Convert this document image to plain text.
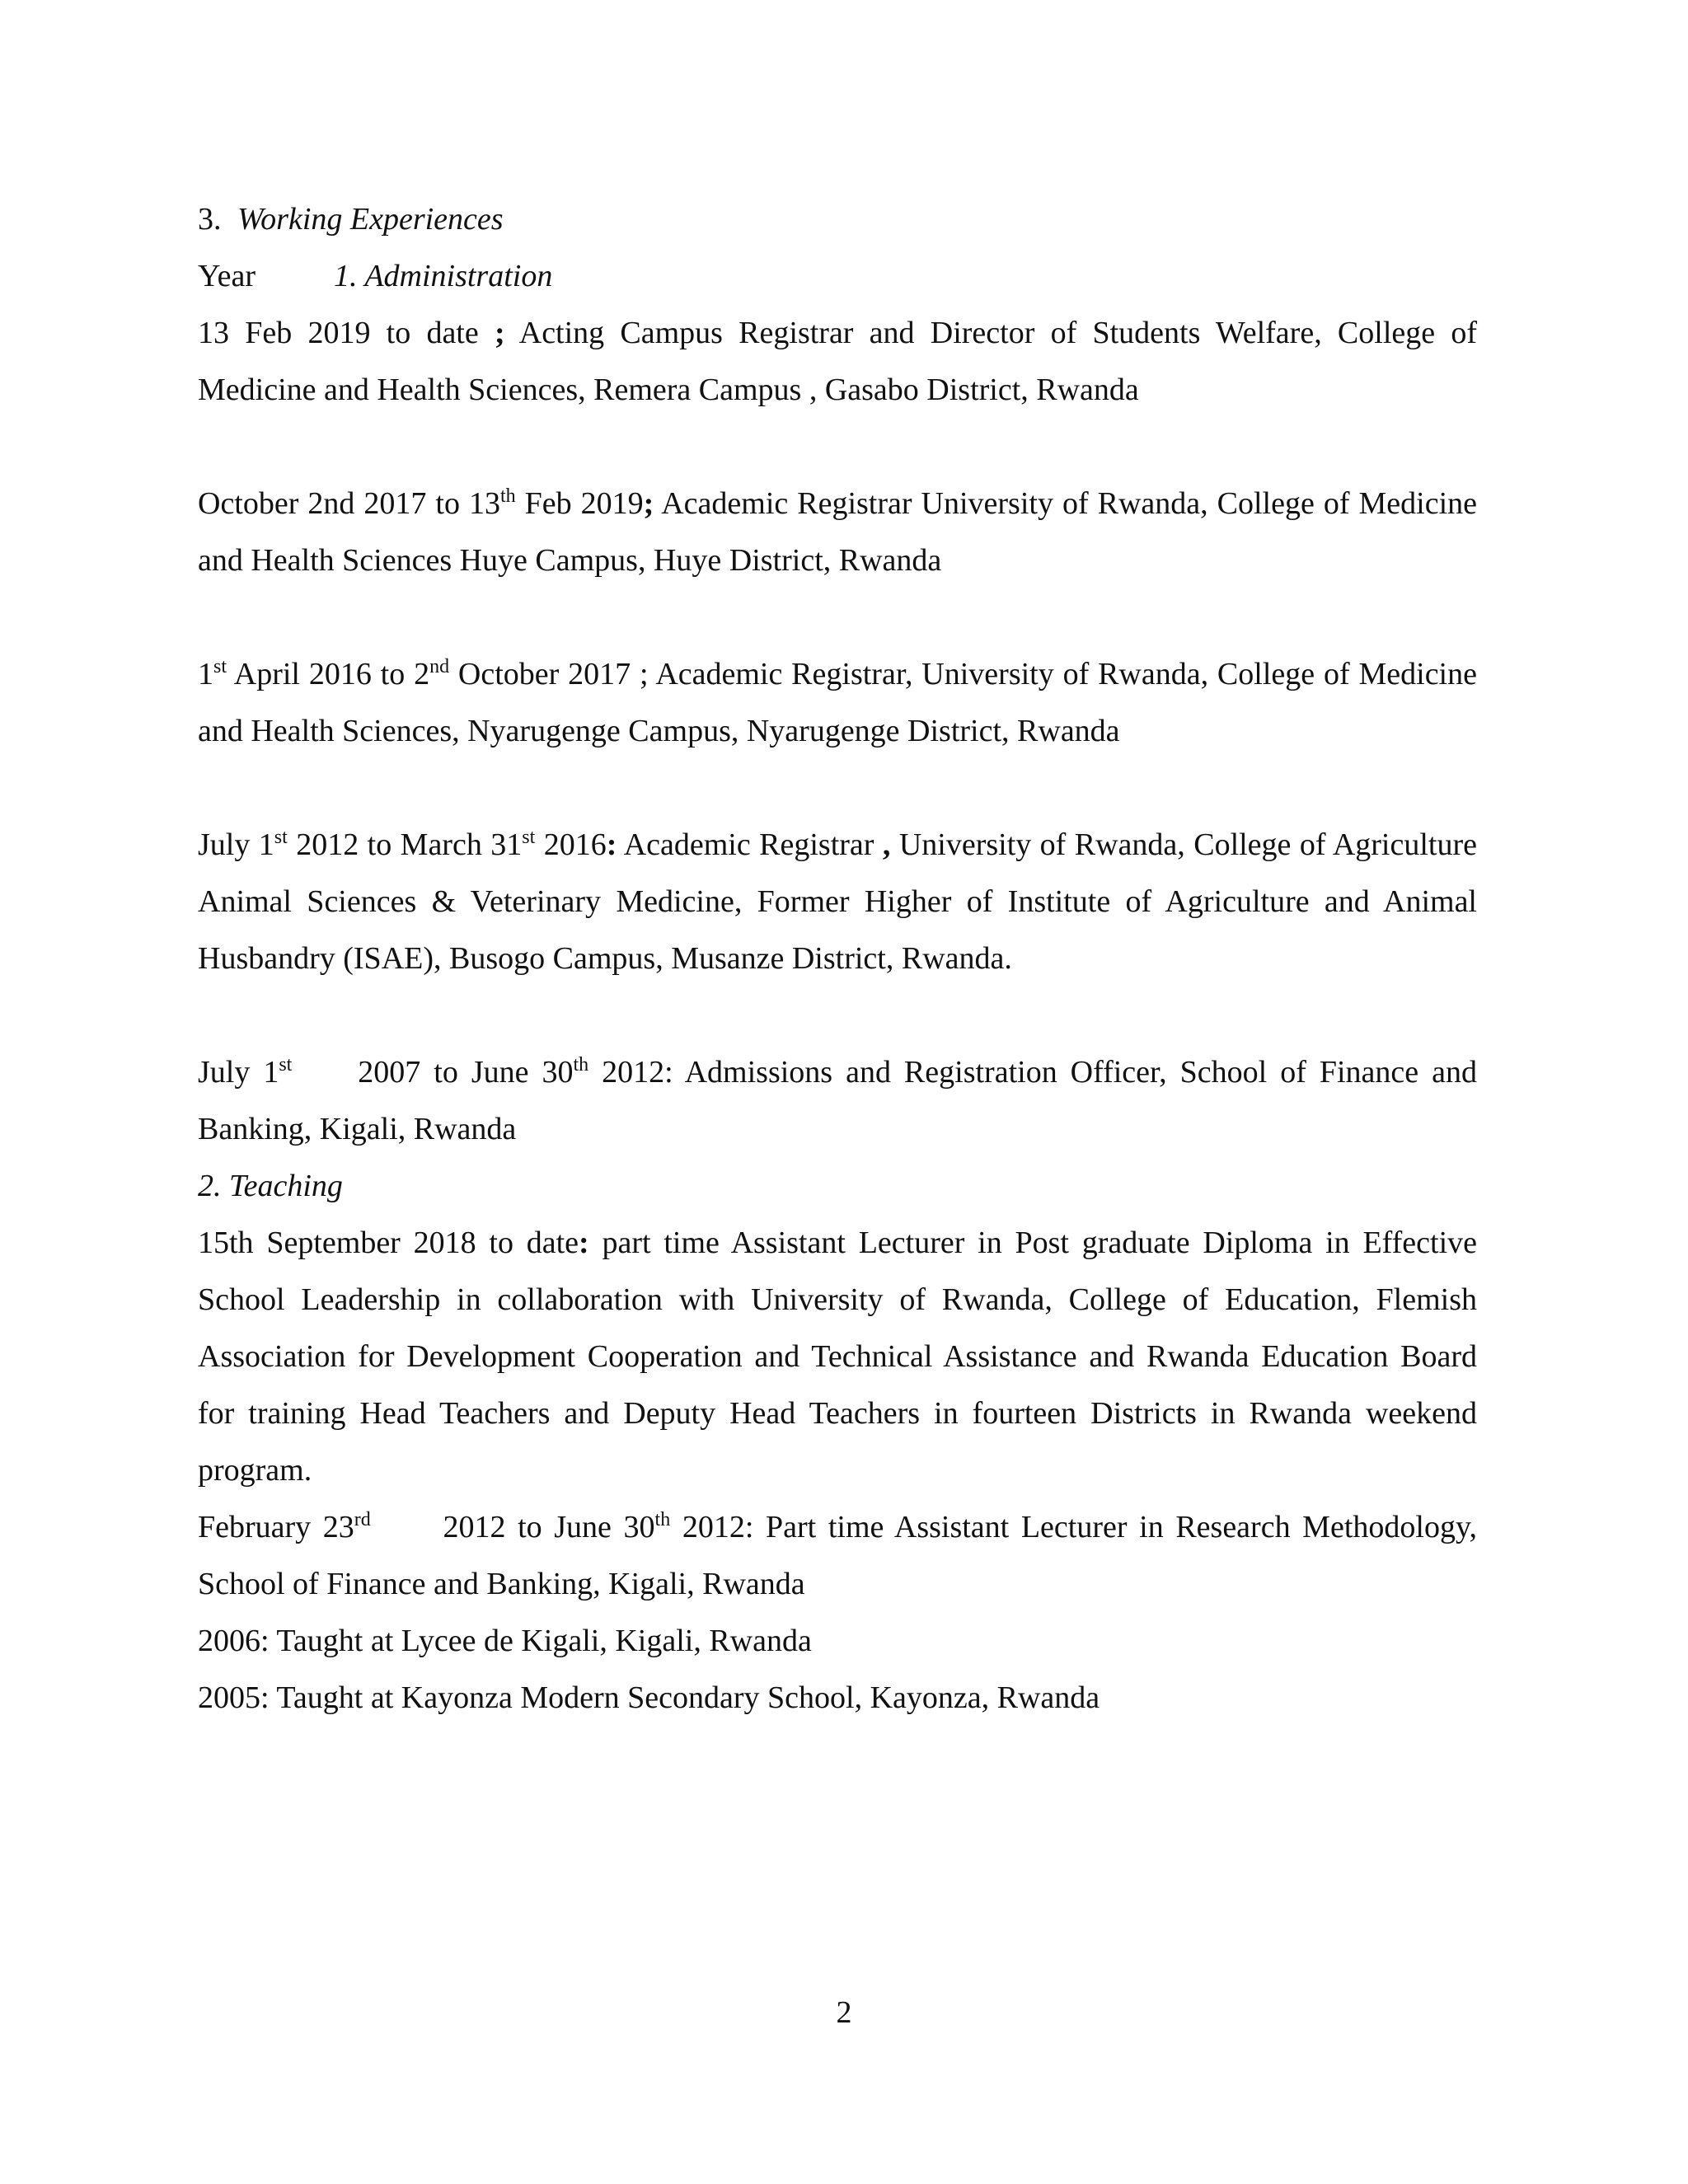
3. Working Experiences
Year 1. Administration
13 Feb 2019 to date ; Acting Campus Registrar and Director of Students Welfare, College of Medicine and Health Sciences, Remera Campus , Gasabo District, Rwanda
October 2nd 2017 to 13th Feb 2019; Academic Registrar University of Rwanda, College of Medicine and Health Sciences Huye Campus, Huye District, Rwanda
1st April 2016 to 2nd October 2017 ; Academic Registrar, University of Rwanda, College of Medicine and Health Sciences, Nyarugenge Campus, Nyarugenge District, Rwanda
July 1st 2012 to March 31st 2016: Academic Registrar , University of Rwanda, College of Agriculture Animal Sciences & Veterinary Medicine, Former Higher of Institute of Agriculture and Animal Husbandry (ISAE), Busogo Campus, Musanze District, Rwanda.
July 1st     2007 to June 30th 2012: Admissions and Registration Officer, School of Finance and Banking, Kigali, Rwanda
2. Teaching
15th September 2018 to date: part time Assistant Lecturer in Post graduate Diploma in Effective School Leadership in collaboration with University of Rwanda, College of Education, Flemish Association for Development Cooperation and Technical Assistance and Rwanda Education Board for training Head Teachers and Deputy Head Teachers in fourteen Districts in Rwanda weekend program.
February 23rd      2012 to June 30th 2012: Part time Assistant Lecturer in Research Methodology, School of Finance and Banking, Kigali, Rwanda
2006: Taught at Lycee de Kigali, Kigali, Rwanda
2005: Taught at Kayonza Modern Secondary School, Kayonza, Rwanda
2
